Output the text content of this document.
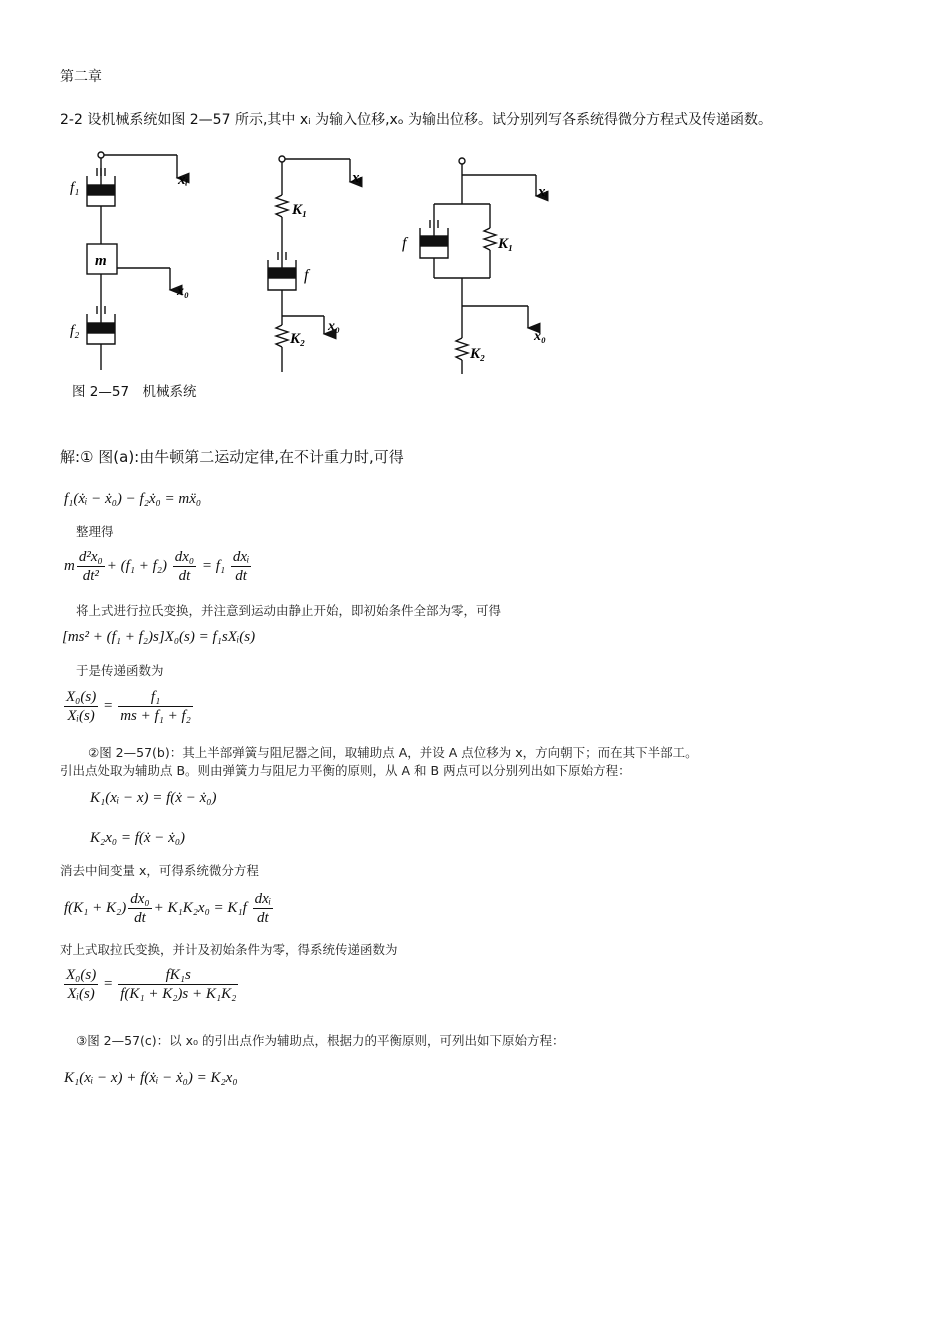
第二章
2-2 设机械系统如图 2—57 所示,其中 xᵢ 为输入位移,xₒ 为输出位移。试分别列写各系统得微分方程式及传递函数。
f₁	xᵢ
m
x₀
f₂
xᵢ
K₁
f
x₀
K₂
xᵢ
f	K₁
x₀
K₂
图 2—57　机械系统
解:① 图(a):由牛顿第二运动定律,在不计重力时,可得
f₁(ẋᵢ − ẋ₀) − f₂ẋ₀ = mẍ₀
整理得
m $\frac{\text{d²x₀}}{\text{dt²}} + (f_1 + f_2) \frac{\text{dx₀}}{dt} = f_1 \frac{\text{dxᵢ}}{dt}$
将上式进行拉氏变换，并注意到运动由静止开始，即初始条件全部为零，可得
[ms² + (f₁ + f₂)s]X₀(s) = f₁sXᵢ(s)
于是传递函数为
$\frac{\text{X₀(s)}}{\text{Xᵢ(s)}} = \frac{\text{f₁}}{\text{ms + f₁ + f₂}}$
②图 2—57(b)：其上半部弹簧与阻尼器之间，取辅助点 A，并设 A 点位移为 x，方向朝下；而在其下半部工。
引出点处取为辅助点 B。则由弹簧力与阻尼力平衡的原则，从 A 和 B 两点可以分别列出如下原始方程：
K₁(xᵢ − x) = f(ẋ − ẋ₀)
K₂x₀ = f(ẋ − ẋ₀)
消去中间变量 x，可得系统微分方程
$f(K_1 + K_2) \frac{\text{dx₀}}{dt} + K_1K_2x_0 = K_1f \frac{\text{dxᵢ}}{dt}$
对上式取拉氏变换，并计及初始条件为零，得系统传递函数为
$\frac{\text{X₀(s)}}{\text{Xᵢ(s)}} = \frac{\text{fK₁s}}{\text{f(K₁ + K₂)s + K₁K₂}}$
③图 2—57(c)：以 x₀ 的引出点作为辅助点，根据力的平衡原则，可列出如下原始方程：
K₁(xᵢ − x) + f(ẋᵢ − ẋ₀) = K₂x₀
